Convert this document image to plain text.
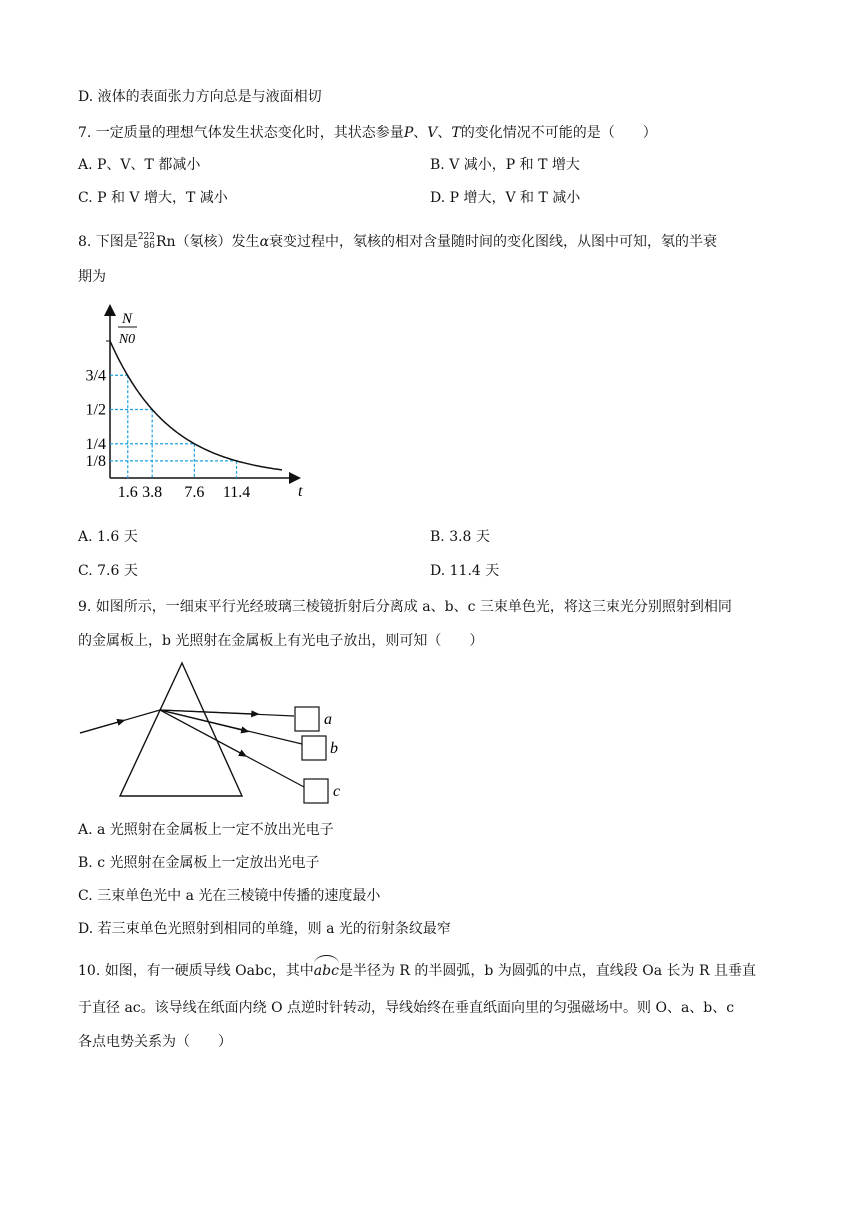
D. 液体的表面张力方向总是与液面相切
7. 一定质量的理想气体发生状态变化时，其状态参量P、V、T的变化情况不可能的是（　　）
A. P、V、T 都减小	B. V 减小，P 和 T 增大
C. P 和 V 增大，T 减小	D. P 增大，V 和 T 减小
8. 下图是222
86Rn（氡核）发生α衰变过程中，氡核的相对含量随时间的变化图线，从图中可知，氡的半衰
期为
N
N0
t
3/4
1/2
1/4
1/8
1.6 3.8 7.6 11.4
A. 1.6 天	B. 3.8 天
C. 7.6 天	D. 11.4 天
9. 如图所示，一细束平行光经玻璃三棱镜折射后分离成 a、b、c 三束单色光，将这三束光分别照射到相同
的金属板上，b 光照射在金属板上有光电子放出，则可知（　　）
a
b
c
A. a 光照射在金属板上一定不放出光电子
B. c 光照射在金属板上一定放出光电子
C. 三束单色光中 a 光在三棱镜中传播的速度最小
D. 若三束单色光照射到相同的单缝，则 a 光的衍射条纹最窄
10. 如图，有一硬质导线 Oabc，其中abc是半径为 R 的半圆弧，b 为圆弧的中点，直线段 Oa 长为 R 且垂直
于直径 ac。该导线在纸面内绕 O 点逆时针转动，导线始终在垂直纸面向里的匀强磁场中。则 O、a、b、c
各点电势关系为（　　）
